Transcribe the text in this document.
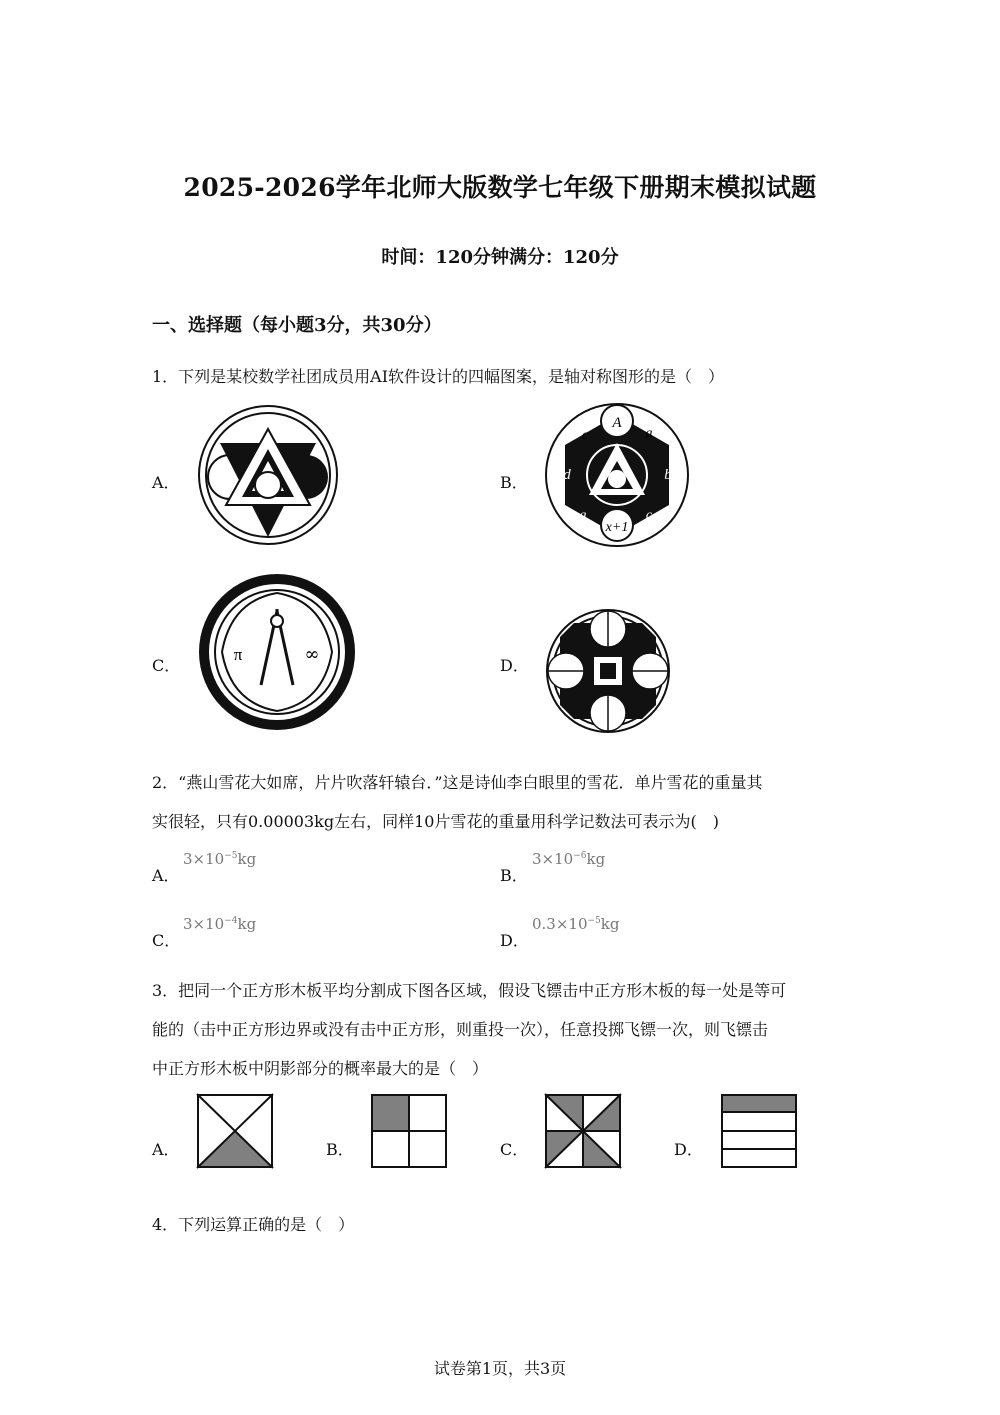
2025-2026学年北师大版数学七年级下册期末模拟试题
时间：120分钟满分：120分
一、选择题（每小题3分，共30分）
1．下列是某校数学社团成员用AI软件设计的四幅图案，是轴对称图形的是（　）
A．	B．
A
c	a
d	b
a	c
x+1
C．
π	∞
D．
2．“燕山雪花大如席，片片吹落轩辕台．”这是诗仙李白眼里的雪花．单片雪花的重量其
实很轻，只有0.00003kg左右，同样10片雪花的重量用科学记数法可表示为(　)
A．
$3\times 10^{-5}kg$
B．
$3\times 10^{-6}kg$
C．
$3\times 10^{-4}kg$
D．
$0.3\times 10^{-5}kg$
3．把同一个正方形木板平均分割成下图各区域，假设飞镖击中正方形木板的每一处是等可
能的（击中正方形边界或没有击中正方形，则重投一次），任意投掷飞镖一次，则飞镖击
中正方形木板中阴影部分的概率最大的是（　）
A．	B．	C．	D．
4．下列运算正确的是（　）
试卷第1页，共3页
